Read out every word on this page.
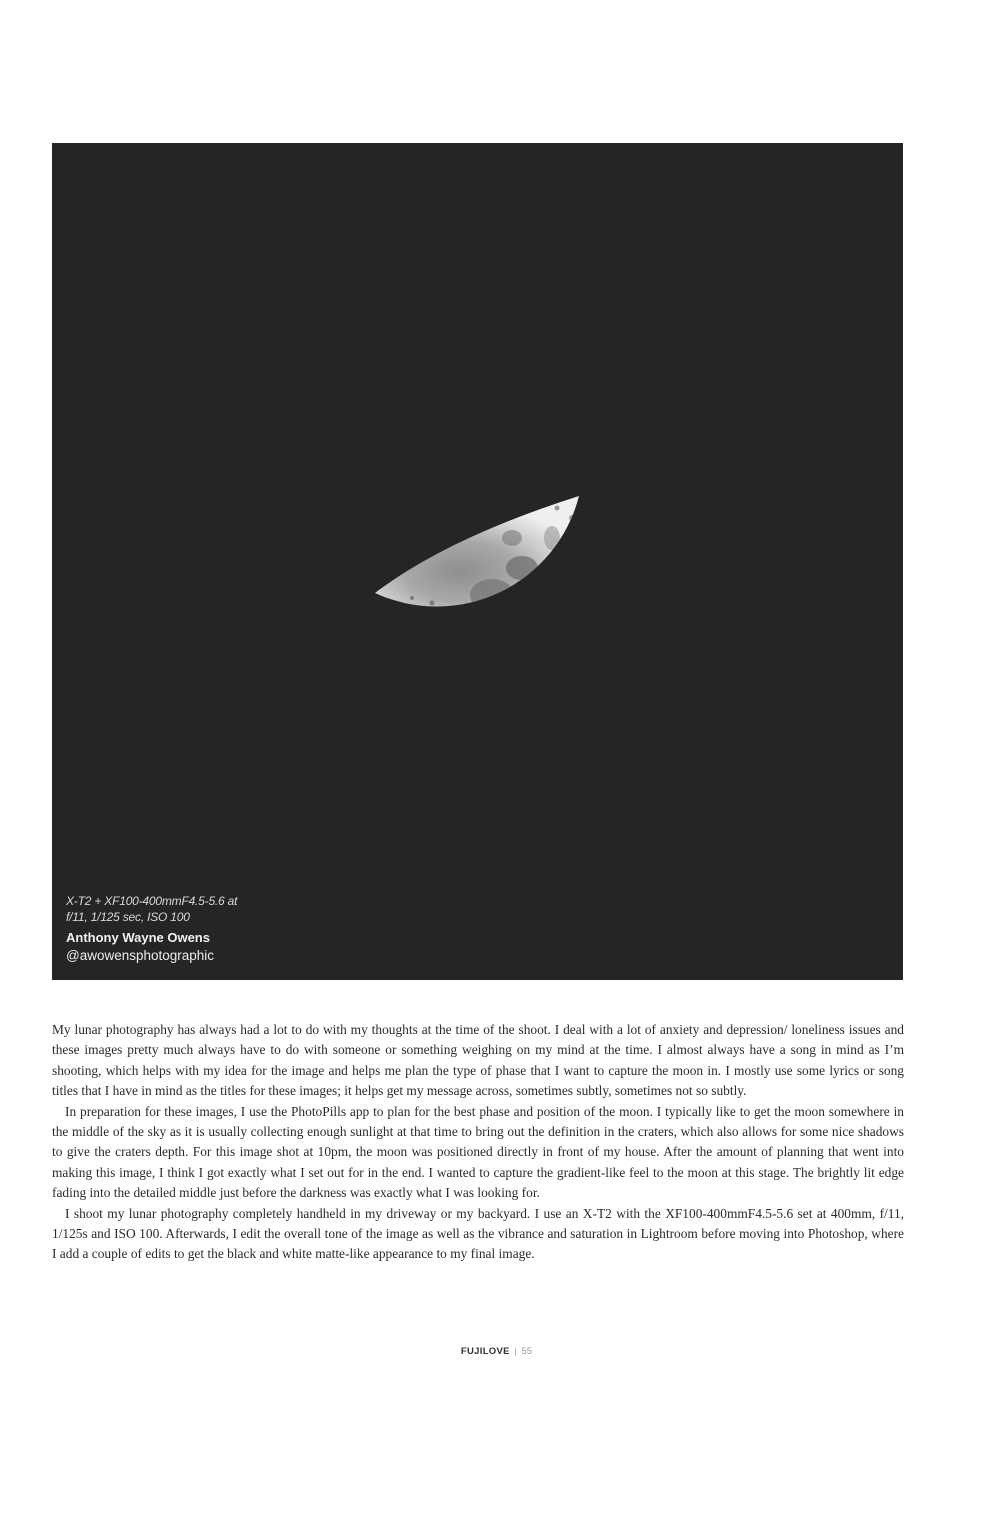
X-T2 + XF100-400mmF4.5-5.6 at f/11, 1/125 sec, ISO 100
Anthony Wayne Owens
@awowensphotographic

My lunar photography has always had a lot to do with my thoughts at the time of the shoot. I deal with a lot of anxiety and depression/ loneliness issues and these images pretty much always have to do with someone or something weighing on my mind at the time. I almost always have a song in mind as I’m shooting, which helps with my idea for the image and helps me plan the type of phase that I want to capture the moon in. I mostly use some lyrics or song titles that I have in mind as the titles for these images; it helps get my message across, sometimes subtly, sometimes not so subtly.

In preparation for these images, I use the PhotoPills app to plan for the best phase and position of the moon. I typically like to get the moon somewhere in the middle of the sky as it is usually collecting enough sunlight at that time to bring out the definition in the craters, which also allows for some nice shadows to give the craters depth. For this image shot at 10pm, the moon was positioned directly in front of my house. After the amount of planning that went into making this image, I think I got exactly what I set out for in the end. I wanted to capture the gradient-like feel to the moon at this stage. The brightly lit edge fading into the detailed middle just before the darkness was exactly what I was looking for.

I shoot my lunar photography completely handheld in my driveway or my backyard. I use an X-T2 with the XF100-400mmF4.5-5.6 set at 400mm, f/11, 1/125s and ISO 100. Afterwards, I edit the overall tone of the image as well as the vibrance and saturation in Lightroom before moving into Photoshop, where I add a couple of edits to get the black and white matte-like appearance to my final image.

FUJILOVE | 55
